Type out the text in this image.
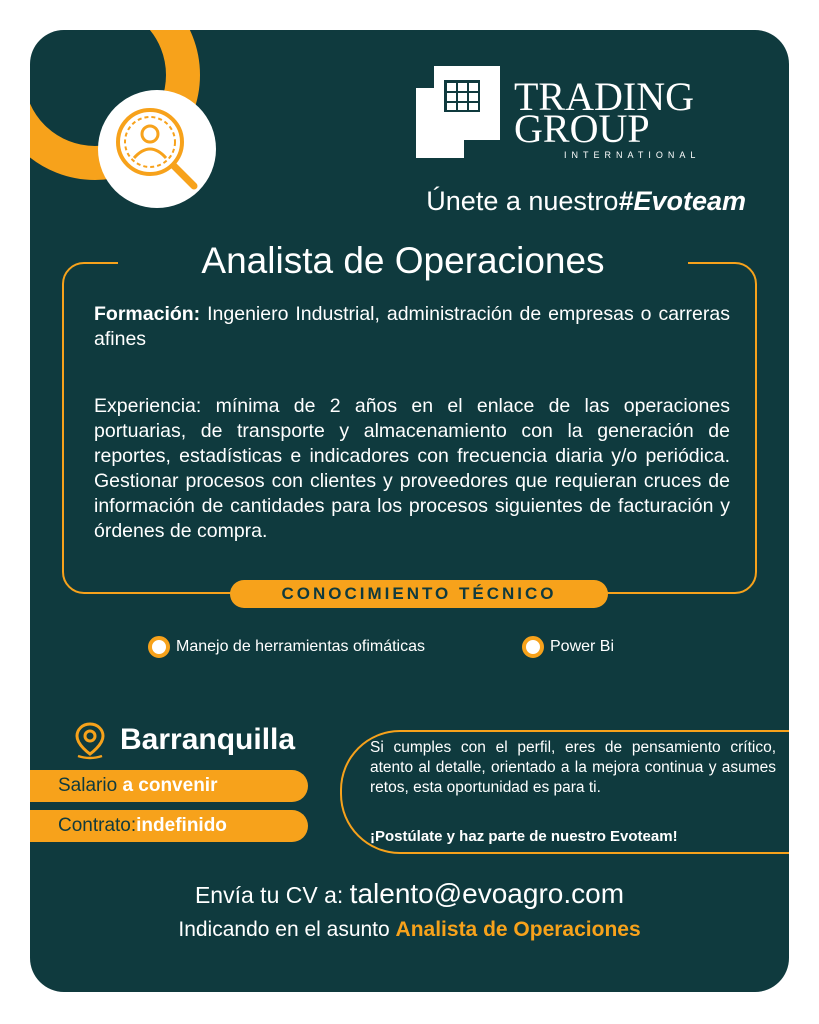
TRADING
GROUP
INTERNATIONAL
Únete a nuestro#Evoteam
Analista de Operaciones
Formación: Ingeniero Industrial, administración de empresas o carreras afines
Experiencia: mínima de 2 años en el enlace de las operaciones portuarias, de transporte y almacenamiento con la generación de reportes, estadísticas e indicadores con frecuencia diaria y/o periódica. Gestionar procesos con clientes y proveedores que requieran cruces de información de cantidades para los procesos siguientes de facturación y órdenes de compra.
CONOCIMIENTO TÉCNICO
Manejo de herramientas ofimáticas	Power Bi
Barranquilla
Salario a convenir
Contrato:indefinido
Si cumples con el perfil, eres de pensamiento crítico, atento al detalle, orientado a la mejora continua y asumes retos, esta oportunidad es para ti.
¡Postúlate y haz parte de nuestro Evoteam!
Envía tu CV a: talento@evoagro.com
Indicando en el asunto Analista de Operaciones
